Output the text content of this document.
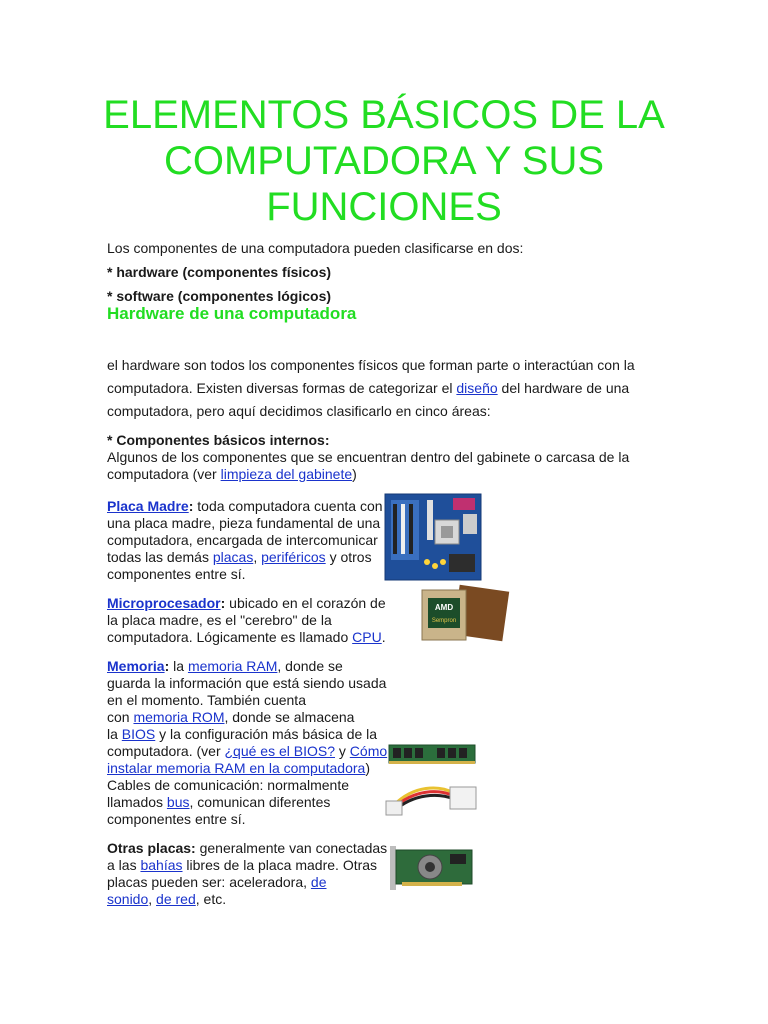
ELEMENTOS BÁSICOS DE LA
COMPUTADORA Y SUS
FUNCIONES

Los componentes de una computadora pueden clasificarse en dos:

* hardware (componentes físicos)

* software (componentes lógicos)

Hardware de una computadora

el hardware son todos los componentes físicos que forman parte o interactúan con la

computadora. Existen diversas formas de categorizar el diseño del hardware de una

computadora, pero aquí decidimos clasificarlo en cinco áreas:

* Componentes básicos internos:
Algunos de los componentes que se encuentran dentro del gabinete o carcasa de la
computadora (ver limpieza del gabinete)
Placa Madre: toda computadora cuenta con
una placa madre, pieza fundamental de una
computadora, encargada de intercomunicar
todas las demás placas, periféricos y otros
componentes entre sí.
Microprocesador: ubicado en el corazón de
la placa madre, es el "cerebro" de la
computadora. Lógicamente es llamado CPU.
Memoria: la memoria RAM, donde se
guarda la información que está siendo usada
en el momento. También cuenta
con memoria ROM, donde se almacena
la BIOS y la configuración más básica de la
computadora. (ver ¿qué es el BIOS? y Cómo
instalar memoria RAM en la computadora)
Cables de comunicación: normalmente
llamados bus, comunican diferentes
componentes entre sí.
Otras placas: generalmente van conectadas
a las bahías libres de la placa madre. Otras
placas pueden ser: aceleradora, de
sonido, de red, etc.
AMD
Sempron
